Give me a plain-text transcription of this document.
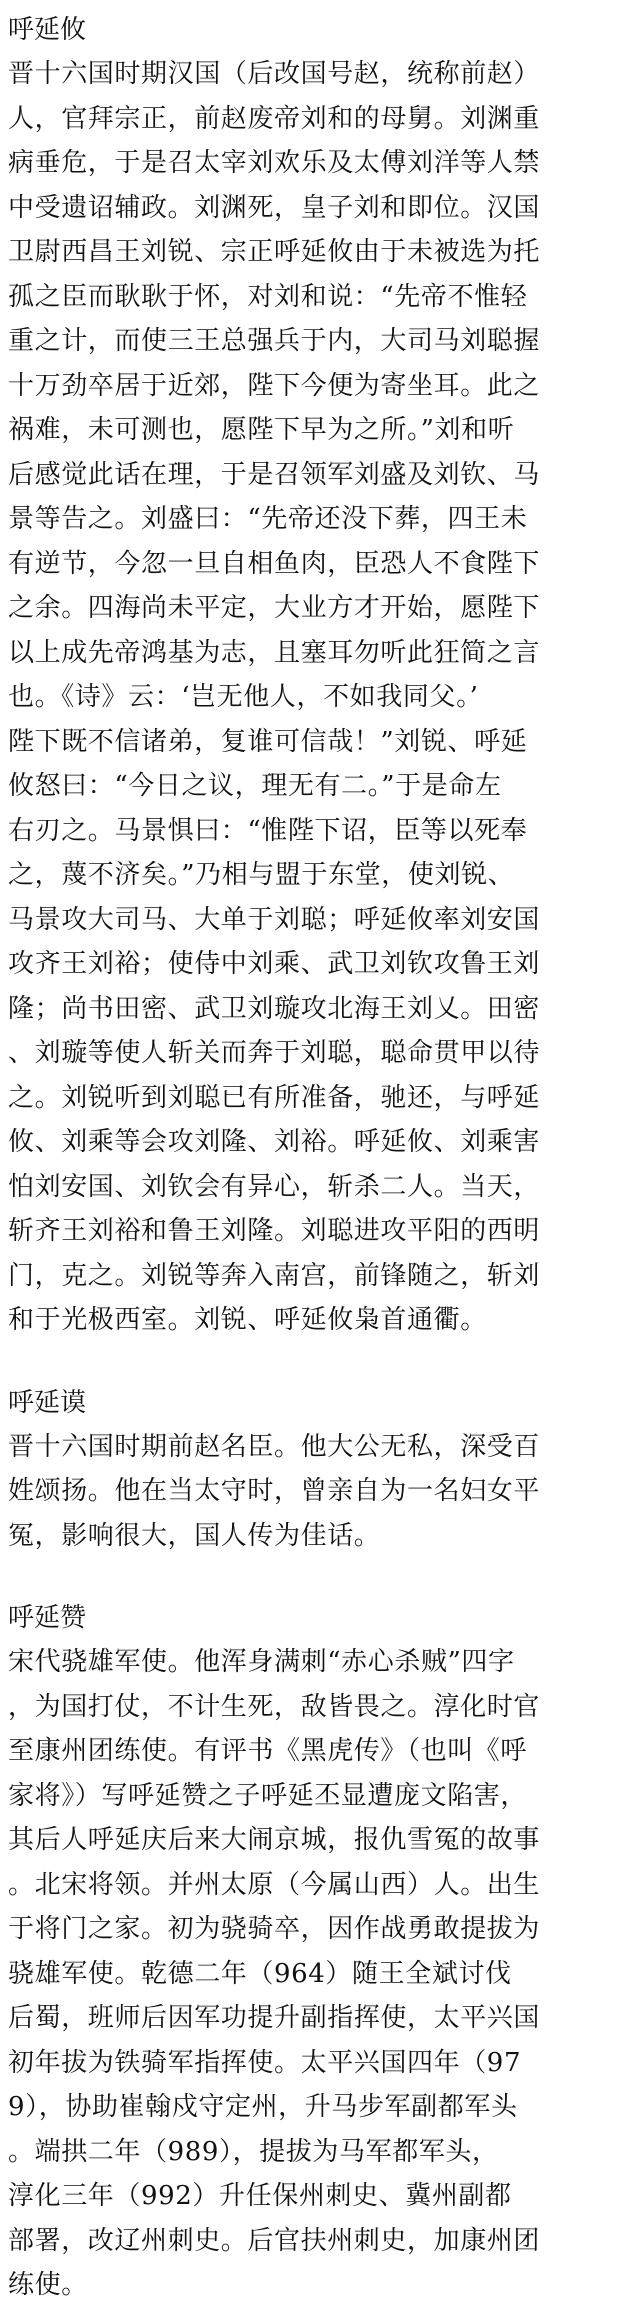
呼延攸
晋十六国时期汉国（后改国号赵，统称前赵）
人，官拜宗正，前赵废帝刘和的母舅。刘渊重
病垂危，于是召太宰刘欢乐及太傅刘洋等人禁
中受遗诏辅政。刘渊死，皇子刘和即位。汉国
卫尉西昌王刘锐、宗正呼延攸由于未被选为托
孤之臣而耿耿于怀，对刘和说：“先帝不惟轻
重之计，而使三王总强兵于内，大司马刘聪握
十万劲卒居于近郊，陛下今便为寄坐耳。此之
祸难，未可测也，愿陛下早为之所。”刘和听
后感觉此话在理，于是召领军刘盛及刘钦、马
景等告之。刘盛曰：“先帝还没下葬，四王未
有逆节，今忽一旦自相鱼肉，臣恐人不食陛下
之余。四海尚未平定，大业方才开始，愿陛下
以上成先帝鸿基为志，且塞耳勿听此狂简之言
也。《诗》云：‘岂无他人，不如我同父。’
陛下既不信诸弟，复谁可信哉！”刘锐、呼延
攸怒曰：“今日之议，理无有二。”于是命左
右刃之。马景惧曰：“惟陛下诏，臣等以死奉
之，蔑不济矣。”乃相与盟于东堂，使刘锐、
马景攻大司马、大单于刘聪；呼延攸率刘安国
攻齐王刘裕；使侍中刘乘、武卫刘钦攻鲁王刘
隆；尚书田密、武卫刘璇攻北海王刘乂。田密
、刘璇等使人斩关而奔于刘聪，聪命贯甲以待
之。刘锐听到刘聪已有所准备，驰还，与呼延
攸、刘乘等会攻刘隆、刘裕。呼延攸、刘乘害
怕刘安国、刘钦会有异心，斩杀二人。当天，
斩齐王刘裕和鲁王刘隆。刘聪进攻平阳的西明
门，克之。刘锐等奔入南宫，前锋随之，斩刘
和于光极西室。刘锐、呼延攸枭首通衢。
呼延谟
晋十六国时期前赵名臣。他大公无私，深受百
姓颂扬。他在当太守时，曾亲自为一名妇女平
冤，影响很大，国人传为佳话。
呼延赞
宋代骁雄军使。他浑身满刺“赤心杀贼”四字
，为国打仗，不计生死，敌皆畏之。淳化时官
至康州团练使。有评书《黑虎传》（也叫《呼
家将》）写呼延赞之子呼延丕显遭庞文陷害，
其后人呼延庆后来大闹京城，报仇雪冤的故事
。北宋将领。并州太原（今属山西）人。出生
于将门之家。初为骁骑卒，因作战勇敢提拔为
骁雄军使。乾德二年（964）随王全斌讨伐
后蜀，班师后因军功提升副指挥使，太平兴国
初年拔为铁骑军指挥使。太平兴国四年（97
9），协助崔翰戍守定州，升马步军副都军头
。端拱二年（989），提拔为马军都军头，
淳化三年（992）升任保州刺史、冀州副都
部署，改辽州刺史。后官扶州刺史，加康州团
练使。
